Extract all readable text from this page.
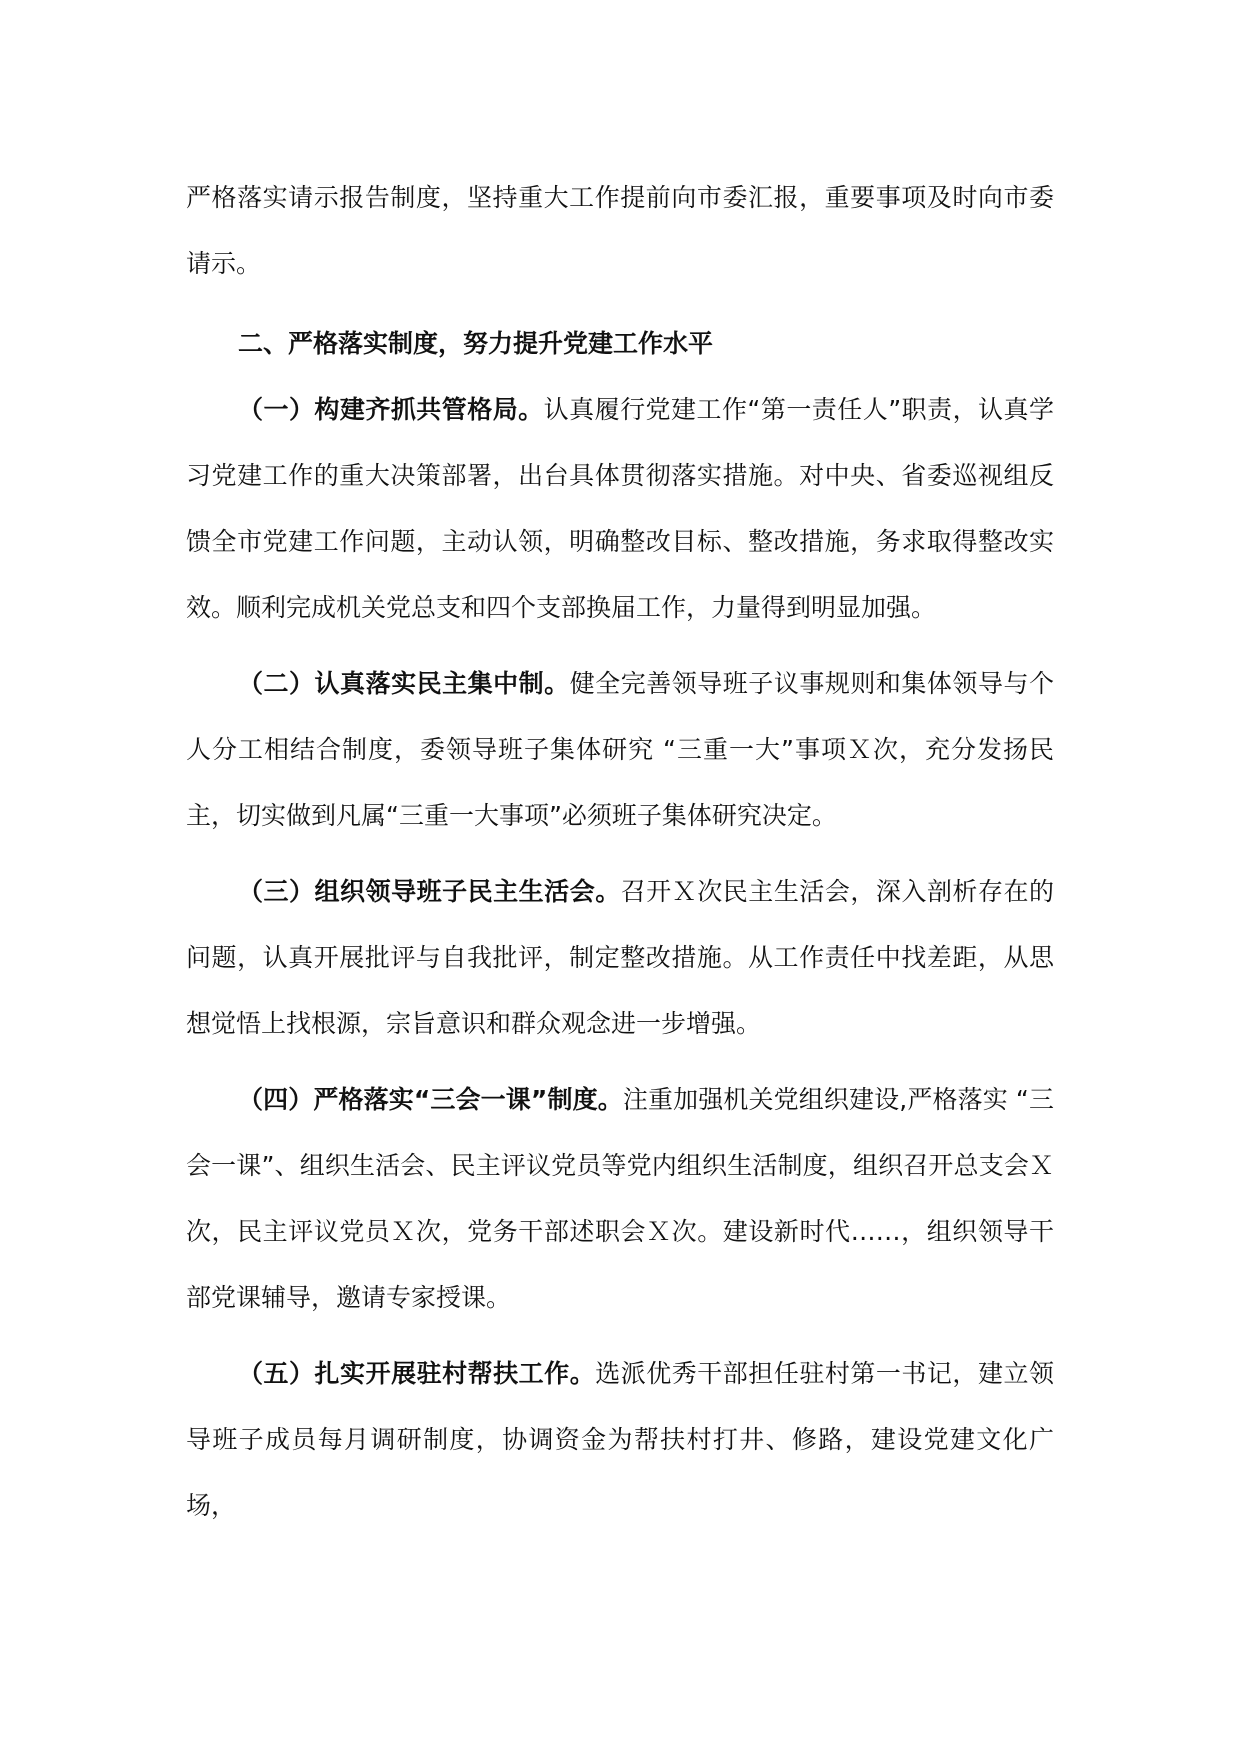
严格落实请示报告制度，坚持重大工作提前向市委汇报，重要事项及时向市委请示。

二、严格落实制度，努力提升党建工作水平

（一）构建齐抓共管格局。认真履行党建工作“第一责任人”职责，认真学习党建工作的重大决策部署，出台具体贯彻落实措施。对中央、省委巡视组反馈全市党建工作问题，主动认领，明确整改目标、整改措施，务求取得整改实效。顺利完成机关党总支和四个支部换届工作，力量得到明显加强。

（二）认真落实民主集中制。健全完善领导班子议事规则和集体领导与个人分工相结合制度，委领导班子集体研究 “三重一大”事项Ｘ次，充分发扬民主，切实做到凡属“三重一大事项”必须班子集体研究决定。

（三）组织领导班子民主生活会。召开Ｘ次民主生活会，深入剖析存在的问题，认真开展批评与自我批评，制定整改措施。从工作责任中找差距，从思想觉悟上找根源，宗旨意识和群众观念进一步增强。

（四）严格落实“三会一课”制度。注重加强机关党组织建设,严格落实 “三会一课”、组织生活会、民主评议党员等党内组织生活制度，组织召开总支会Ｘ次，民主评议党员Ｘ次，党务干部述职会Ｘ次。建设新时代……，组织领导干部党课辅导，邀请专家授课。

（五）扎实开展驻村帮扶工作。选派优秀干部担任驻村第一书记，建立领导班子成员每月调研制度，协调资金为帮扶村打井、修路，建设党建文化广场，
